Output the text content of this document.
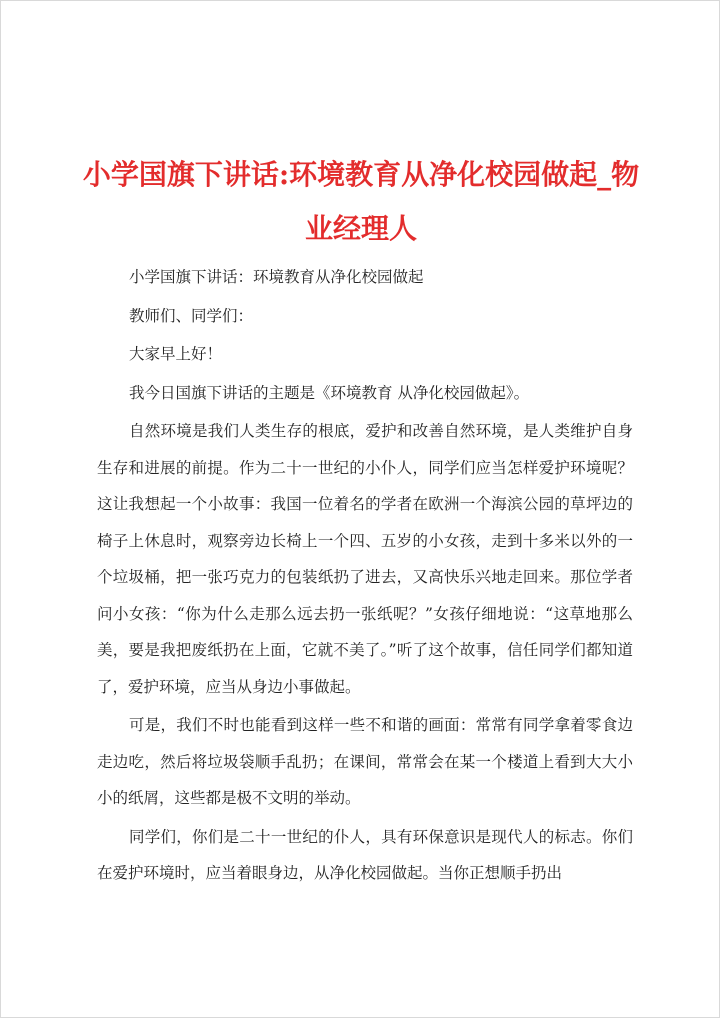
小学国旗下讲话:环境教育从净化校园做起_物业经理人

小学国旗下讲话：环境教育从净化校园做起

教师们、同学们：

大家早上好！

我今日国旗下讲话的主题是《环境教育 从净化校园做起》。

自然环境是我们人类生存的根底，爱护和改善自然环境，是人类维护自身生存和进展的前提。作为二十一世纪的小仆人，同学们应当怎样爱护环境呢？这让我想起一个小故事：我国一位着名的学者在欧洲一个海滨公园的草坪边的椅子上休息时，观察旁边长椅上一个四、五岁的小女孩，走到十多米以外的一个垃圾桶，把一张巧克力的包装纸扔了进去，又高快乐兴地走回来。那位学者问小女孩：“你为什么走那么远去扔一张纸呢？”女孩仔细地说：“这草地那么美，要是我把废纸扔在上面，它就不美了。”听了这个故事，信任同学们都知道了，爱护环境，应当从身边小事做起。

可是，我们不时也能看到这样一些不和谐的画面：常常有同学拿着零食边走边吃，然后将垃圾袋顺手乱扔；在课间，常常会在某一个楼道上看到大大小小的纸屑，这些都是极不文明的举动。

同学们，你们是二十一世纪的仆人，具有环保意识是现代人的标志。你们在爱护环境时，应当着眼身边，从净化校园做起。当你正想顺手扔出
